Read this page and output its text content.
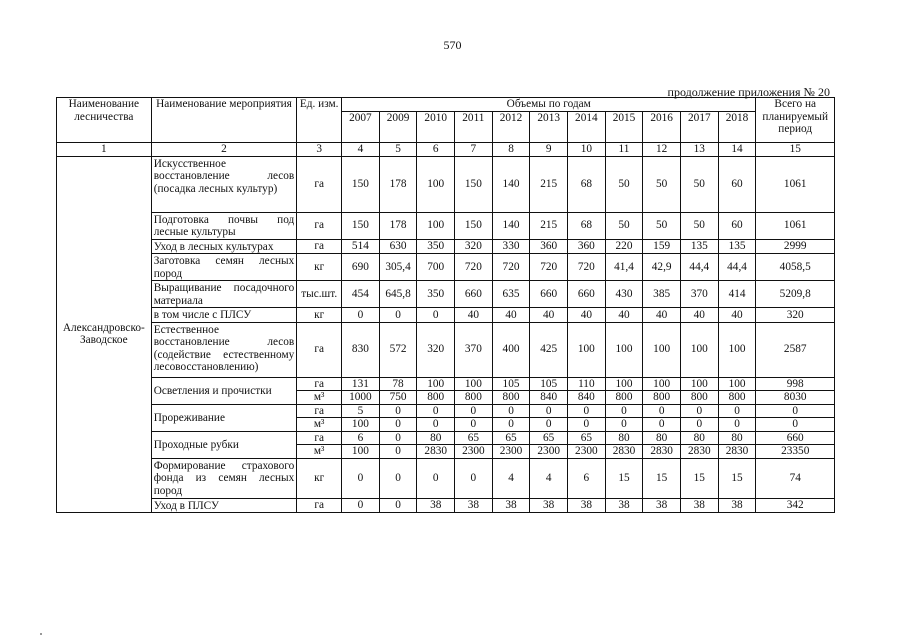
570
продолжение приложения № 20
Наименование лесничества	Наименование мероприятия	Ед. изм.	Объемы по годам											Всего на планируемый период
			2007	2009	2010	2011	2012	2013	2014	2015	2016	2017	2018	
1	2	3	4	5	6	7	8	9	10	11	12	13	14	15
Александровско-Заводское	Искусственное восстановление лесов (посадка лесных культур)	га	150	178	100	150	140	215	68	50	50	50	60	1061
	Подготовка почвы под лесные культуры	га	150	178	100	150	140	215	68	50	50	50	60	1061
	Уход в лесных культурах	га	514	630	350	320	330	360	360	220	159	135	135	2999
	Заготовка семян лесных пород	кг	690	305,4	700	720	720	720	720	41,4	42,9	44,4	44,4	4058,5
	Выращивание посадочного материала	тыс.шт.	454	645,8	350	660	635	660	660	430	385	370	414	5209,8
	в том числе с ПЛСУ	кг	0	0	0	40	40	40	40	40	40	40	40	320
	Естественное восстановление лесов (содействие естественному лесовосстановлению)	га	830	572	320	370	400	425	100	100	100	100	100	2587
	Осветления и прочистки	га	131	78	100	100	105	105	110	100	100	100	100	998
		м³	1000	750	800	800	800	840	840	800	800	800	800	8030
	Прореживание	га	5	0	0	0	0	0	0	0	0	0	0	0
		м³	100	0	0	0	0	0	0	0	0	0	0	0
	Проходные рубки	га	6	0	80	65	65	65	65	80	80	80	80	660
		м³	100	0	2830	2300	2300	2300	2300	2830	2830	2830	2830	23350
	Формирование страхового фонда из семян лесных пород	кг	0	0	0	0	4	4	6	15	15	15	15	74
	Уход в ПЛСУ	га	0	0	38	38	38	38	38	38	38	38	38	342
